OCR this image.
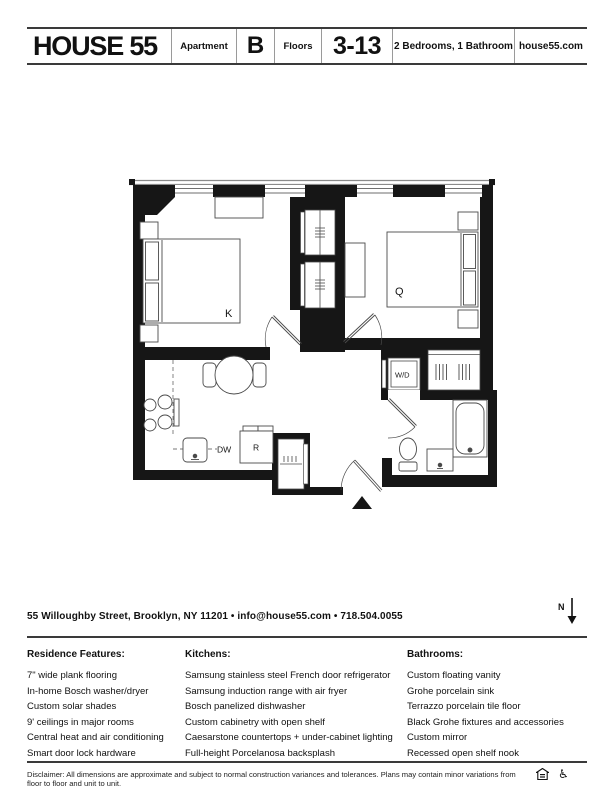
HOUSE 55	Apartment B	Floors 3-13	2 Bedrooms, 1 Bathroom house55.com
K
Q
DW	R
W/D
N
55 Willoughby Street, Brooklyn, NY 11201 • info@house55.com • 718.504.0055
Residence Features:
7" wide plank flooring
In-home Bosch washer/dryer
Custom solar shades
9' ceilings in major rooms
Central heat and air conditioning
Smart door lock hardware
Kitchens:
Samsung stainless steel French door refrigerator
Samsung induction range with air fryer
Bosch panelized dishwasher
Custom cabinetry with open shelf
Caesarstone countertops + under-cabinet lighting
Full-height Porcelanosa backsplash
Bathrooms:
Custom floating vanity
Grohe porcelain sink
Terrazzo porcelain tile floor
Black Grohe fixtures and accessories
Custom mirror
Recessed open shelf nook
Disclaimer: All dimensions are approximate and subject to normal construction variances and tolerances. Plans may contain minor variations from floor to floor and unit to unit.
♿
